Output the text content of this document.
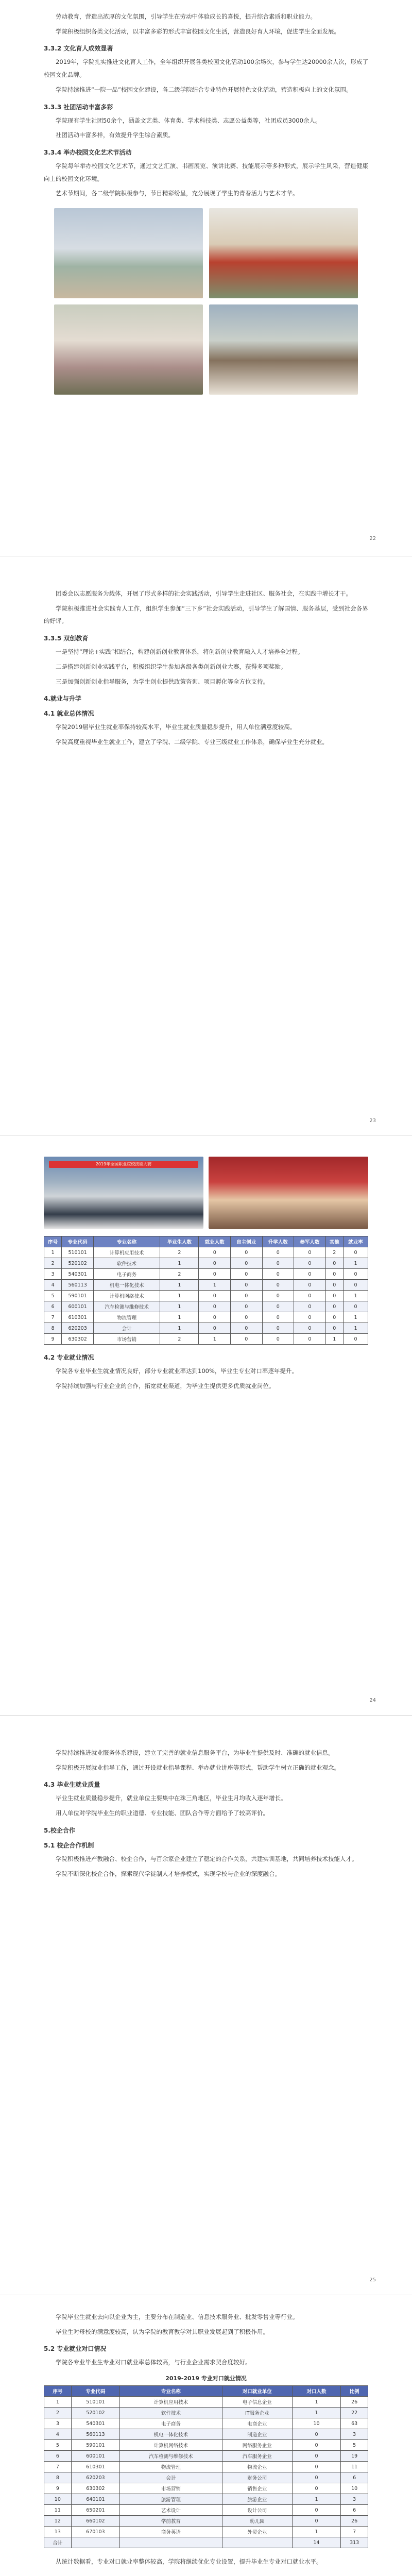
劳动教育，营造出浓厚的文化氛围，引导学生在劳动中体验成长的喜悦，提升综合素质和职业能力。

学院积极组织各类文化活动，以丰富多彩的形式丰富校园文化生活，营造良好育人环境，促进学生全面发展。

3.3.2 文化育人成效显著

2019年，学院扎实推进文化育人工作，全年组织开展各类校园文化活动100余场次，参与学生达20000余人次，形成了校园文化品牌。

学院持续推进“一院一品”校园文化建设，各二级学院结合专业特色开展特色文化活动，营造积极向上的文化氛围。

3.3.3 社团活动丰富多彩

学院现有学生社团50余个，涵盖文艺类、体育类、学术科技类、志愿公益类等，社团成员3000余人。

社团活动丰富多样，有效提升学生综合素质。

3.3.4 举办校园文化艺术节活动

学院每年举办校园文化艺术节，通过文艺汇演、书画展览、演讲比赛、技能展示等多种形式，展示学生风采，营造健康向上的校园文化环境。

艺术节期间，各二级学院积极参与，节目精彩纷呈，充分展现了学生的青春活力与艺术才华。

22

团委会以志愿服务为载体，开展了形式多样的社会实践活动，引导学生走进社区、服务社会，在实践中增长才干。

学院积极推进社会实践育人工作，组织学生参加“三下乡”社会实践活动，引导学生了解国情、服务基层，受到社会各界的好评。

3.3.5 双创教育

一是坚持“理论+实践”相结合，构建创新创业教育体系，将创新创业教育融入人才培养全过程。

二是搭建创新创业实践平台，积极组织学生参加各级各类创新创业大赛，获得多项奖励。

三是加强创新创业指导服务，为学生创业提供政策咨询、项目孵化等全方位支持。

4.就业与升学
4.1 就业总体情况

学院2019届毕业生就业率保持较高水平，毕业生就业质量稳步提升，用人单位满意度较高。

学院高度重视毕业生就业工作，建立了学院、二级学院、专业三级就业工作体系，确保毕业生充分就业。

23
2019年全国职业院校技能大赛
序号	专业代码	专业名称	毕业生人数	就业人数	自主创业	升学人数	参军人数	其他	就业率
1	510101	计算机应用技术	2	0	0	0	0	2	0
2	520102	软件技术	1	0	0	0	0	0	1
3	540301	电子商务	2	0	0	0	0	0	0
4	560113	机电一体化技术	1	1	0	0	0	0	0
5	590101	计算机网络技术	1	0	0	0	0	0	1
6	600101	汽车检测与维修技术	1	0	0	0	0	0	0
7	610301	物流管理	1	0	0	0	0	0	1
8	620203	会计	1	0	0	0	0	0	1
9	630302	市场营销	2	1	0	0	0	1	0
4.2 专业就业情况

学院各专业毕业生就业情况良好，部分专业就业率达到100%，毕业生专业对口率逐年提升。

学院持续加强与行业企业的合作，拓宽就业渠道，为毕业生提供更多优质就业岗位。

24

学院持续推进就业服务体系建设，建立了完善的就业信息服务平台，为毕业生提供及时、准确的就业信息。

学院积极开展就业指导工作，通过开设就业指导课程、举办就业讲座等形式，帮助学生树立正确的就业观念。

4.3 毕业生就业质量

毕业生就业质量稳步提升，就业单位主要集中在珠三角地区，毕业生月均收入逐年增长。

用人单位对学院毕业生的职业道德、专业技能、团队合作等方面给予了较高评价。

5.校企合作
5.1 校企合作机制

学院积极推进产教融合、校企合作，与百余家企业建立了稳定的合作关系，共建实训基地，共同培养技术技能人才。

学院不断深化校企合作，探索现代学徒制人才培养模式，实现学校与企业的深度融合。

25

学院毕业生就业去向以企业为主，主要分布在制造业、信息技术服务业、批发零售业等行业。

毕业生对母校的满意度较高，认为学院的教育教学对其职业发展起到了积极作用。

5.2 专业就业对口情况

学院各专业毕业生专业对口就业率总体较高，与行业企业需求契合度较好。

2019-2019 专业对口就业情况
序号	专业代码	专业名称	对口就业单位	对口人数	比例
1	510101	计算机应用技术	电子信息企业	1	26
2	520102	软件技术	IT服务企业	1	22
3	540301	电子商务	电商企业	10	63
4	560113	机电一体化技术	制造企业	0	3
5	590101	计算机网络技术	网络服务企业	0	5
6	600101	汽车检测与维修技术	汽车服务企业	0	19
7	610301	物流管理	物流企业	0	11
8	620203	会计	财务公司	0	6
9	630302	市场营销	销售企业	0	10
10	640101	旅游管理	旅游企业	1	3
11	650201	艺术设计	设计公司	0	6
12	660102	学前教育	幼儿园	0	26
13	670103	商务英语	外贸企业	1	7
合计				14	313

从统计数据看，专业对口就业率整体较高，学院将继续优化专业设置，提升毕业生专业对口就业水平。
